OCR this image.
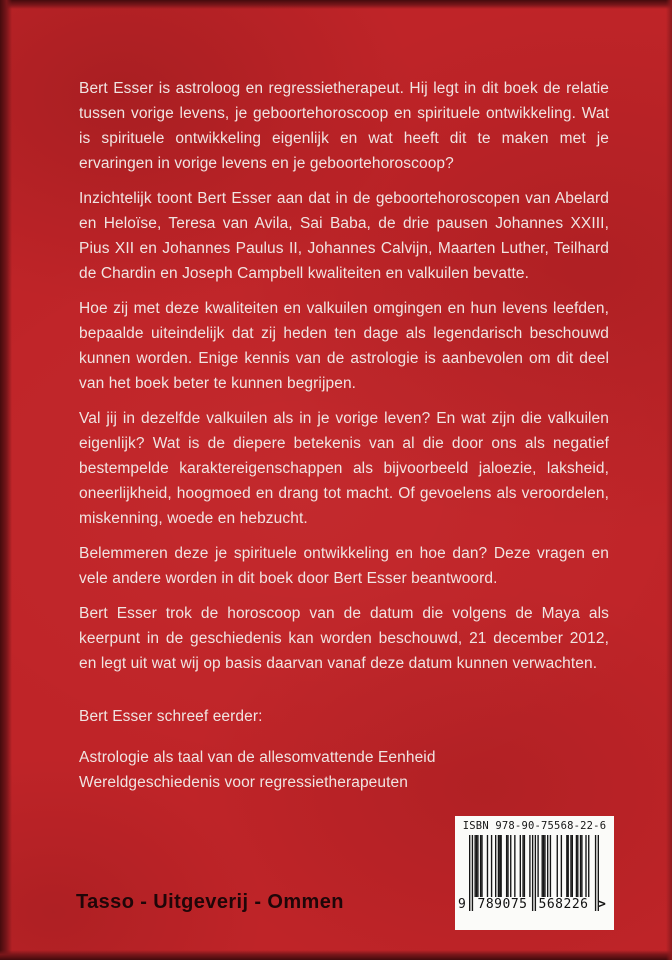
Bert Esser is astroloog en regressietherapeut. Hij legt in dit boek de relatie tussen vorige levens, je geboortehoroscoop en spirituele ontwikkeling. Wat is spirituele ontwikkeling eigenlijk en wat heeft dit te maken met je ervaringen in vorige levens en je geboortehoroscoop?

Inzichtelijk toont Bert Esser aan dat in de geboortehoroscopen van Abelard en Heloïse, Teresa van Avila, Sai Baba, de drie pausen Johannes XXIII, Pius XII en Johannes Paulus II, Johannes Calvijn, Maarten Luther, Teilhard de Chardin en Joseph Campbell kwaliteiten en valkuilen bevatte.

Hoe zij met deze kwaliteiten en valkuilen omgingen en hun levens leefden, bepaalde uiteindelijk dat zij heden ten dage als legendarisch beschouwd kunnen worden. Enige kennis van de astrologie is aanbevolen om dit deel van het boek beter te kunnen begrijpen.

Val jij in dezelfde valkuilen als in je vorige leven? En wat zijn die valkuilen eigenlijk? Wat is de diepere betekenis van al die door ons als negatief bestempelde karaktereigenschappen als bijvoorbeeld jaloezie, laksheid, oneerlijkheid, hoogmoed en drang tot macht. Of gevoelens als veroordelen, miskenning, woede en hebzucht.

Belemmeren deze je spirituele ontwikkeling en hoe dan? Deze vragen en vele andere worden in dit boek door Bert Esser beantwoord.

Bert Esser trok de horoscoop van de datum die volgens de Maya als keerpunt in de geschiedenis kan worden beschouwd, 21 december 2012, en legt uit wat wij op basis daarvan vanaf deze datum kunnen verwachten.

Bert Esser schreef eerder:

Astrologie als taal van de allesomvattende Eenheid

Wereldgeschiedenis voor regressietherapeuten

ISBN 978-90-75568-22-6
9 789075 568226 >
Tasso - Uitgeverij - Ommen
